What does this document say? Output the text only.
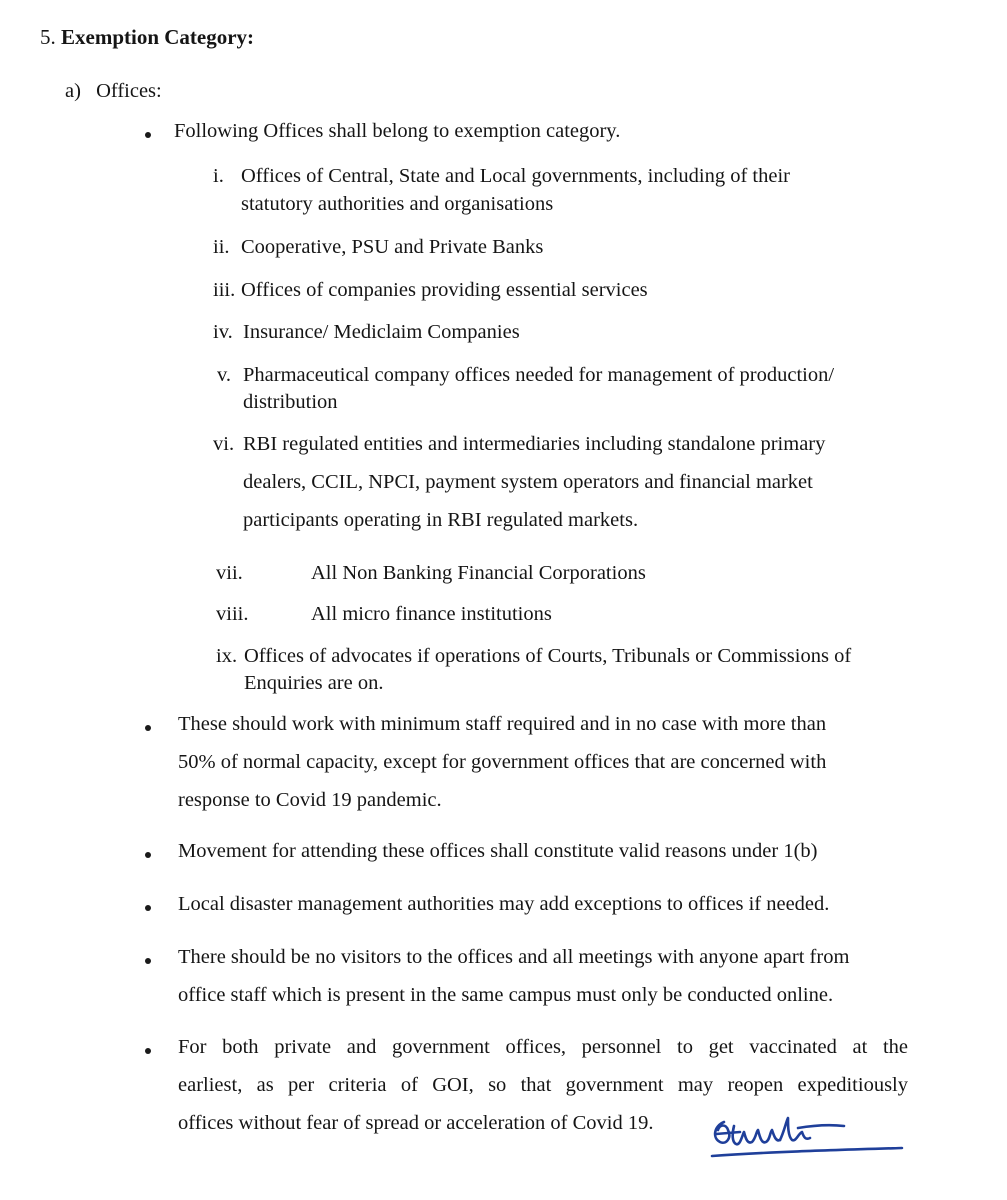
5. Exemption Category:
a) Offices:
Following Offices shall belong to exemption category.
i. Offices of Central, State and Local governments, including of their
statutory authorities and organisations
ii. Cooperative, PSU and Private Banks
iii. Offices of companies providing essential services
iv. Insurance/ Mediclaim Companies
v. Pharmaceutical company offices needed for management of production/
distribution
vi. RBI regulated entities and intermediaries including standalone primary
dealers, CCIL, NPCI, payment system operators and financial market
participants operating in RBI regulated markets.
vii.	All Non Banking Financial Corporations
viii.	All micro finance institutions
ix. Offices of advocates if operations of Courts, Tribunals or Commissions of
Enquiries are on.
These should work with minimum staff required and in no case with more than
50% of normal capacity, except for government offices that are concerned with
response to Covid 19 pandemic.
Movement for attending these offices shall constitute valid reasons under 1(b)
Local disaster management authorities may add exceptions to offices if needed.
There should be no visitors to the offices and all meetings with anyone apart from
office staff which is present in the same campus must only be conducted online.
For both private and government offices, personnel to get vaccinated at the
earliest, as per criteria of GOI, so that government may reopen expeditiously
offices without fear of spread or acceleration of Covid 19.
